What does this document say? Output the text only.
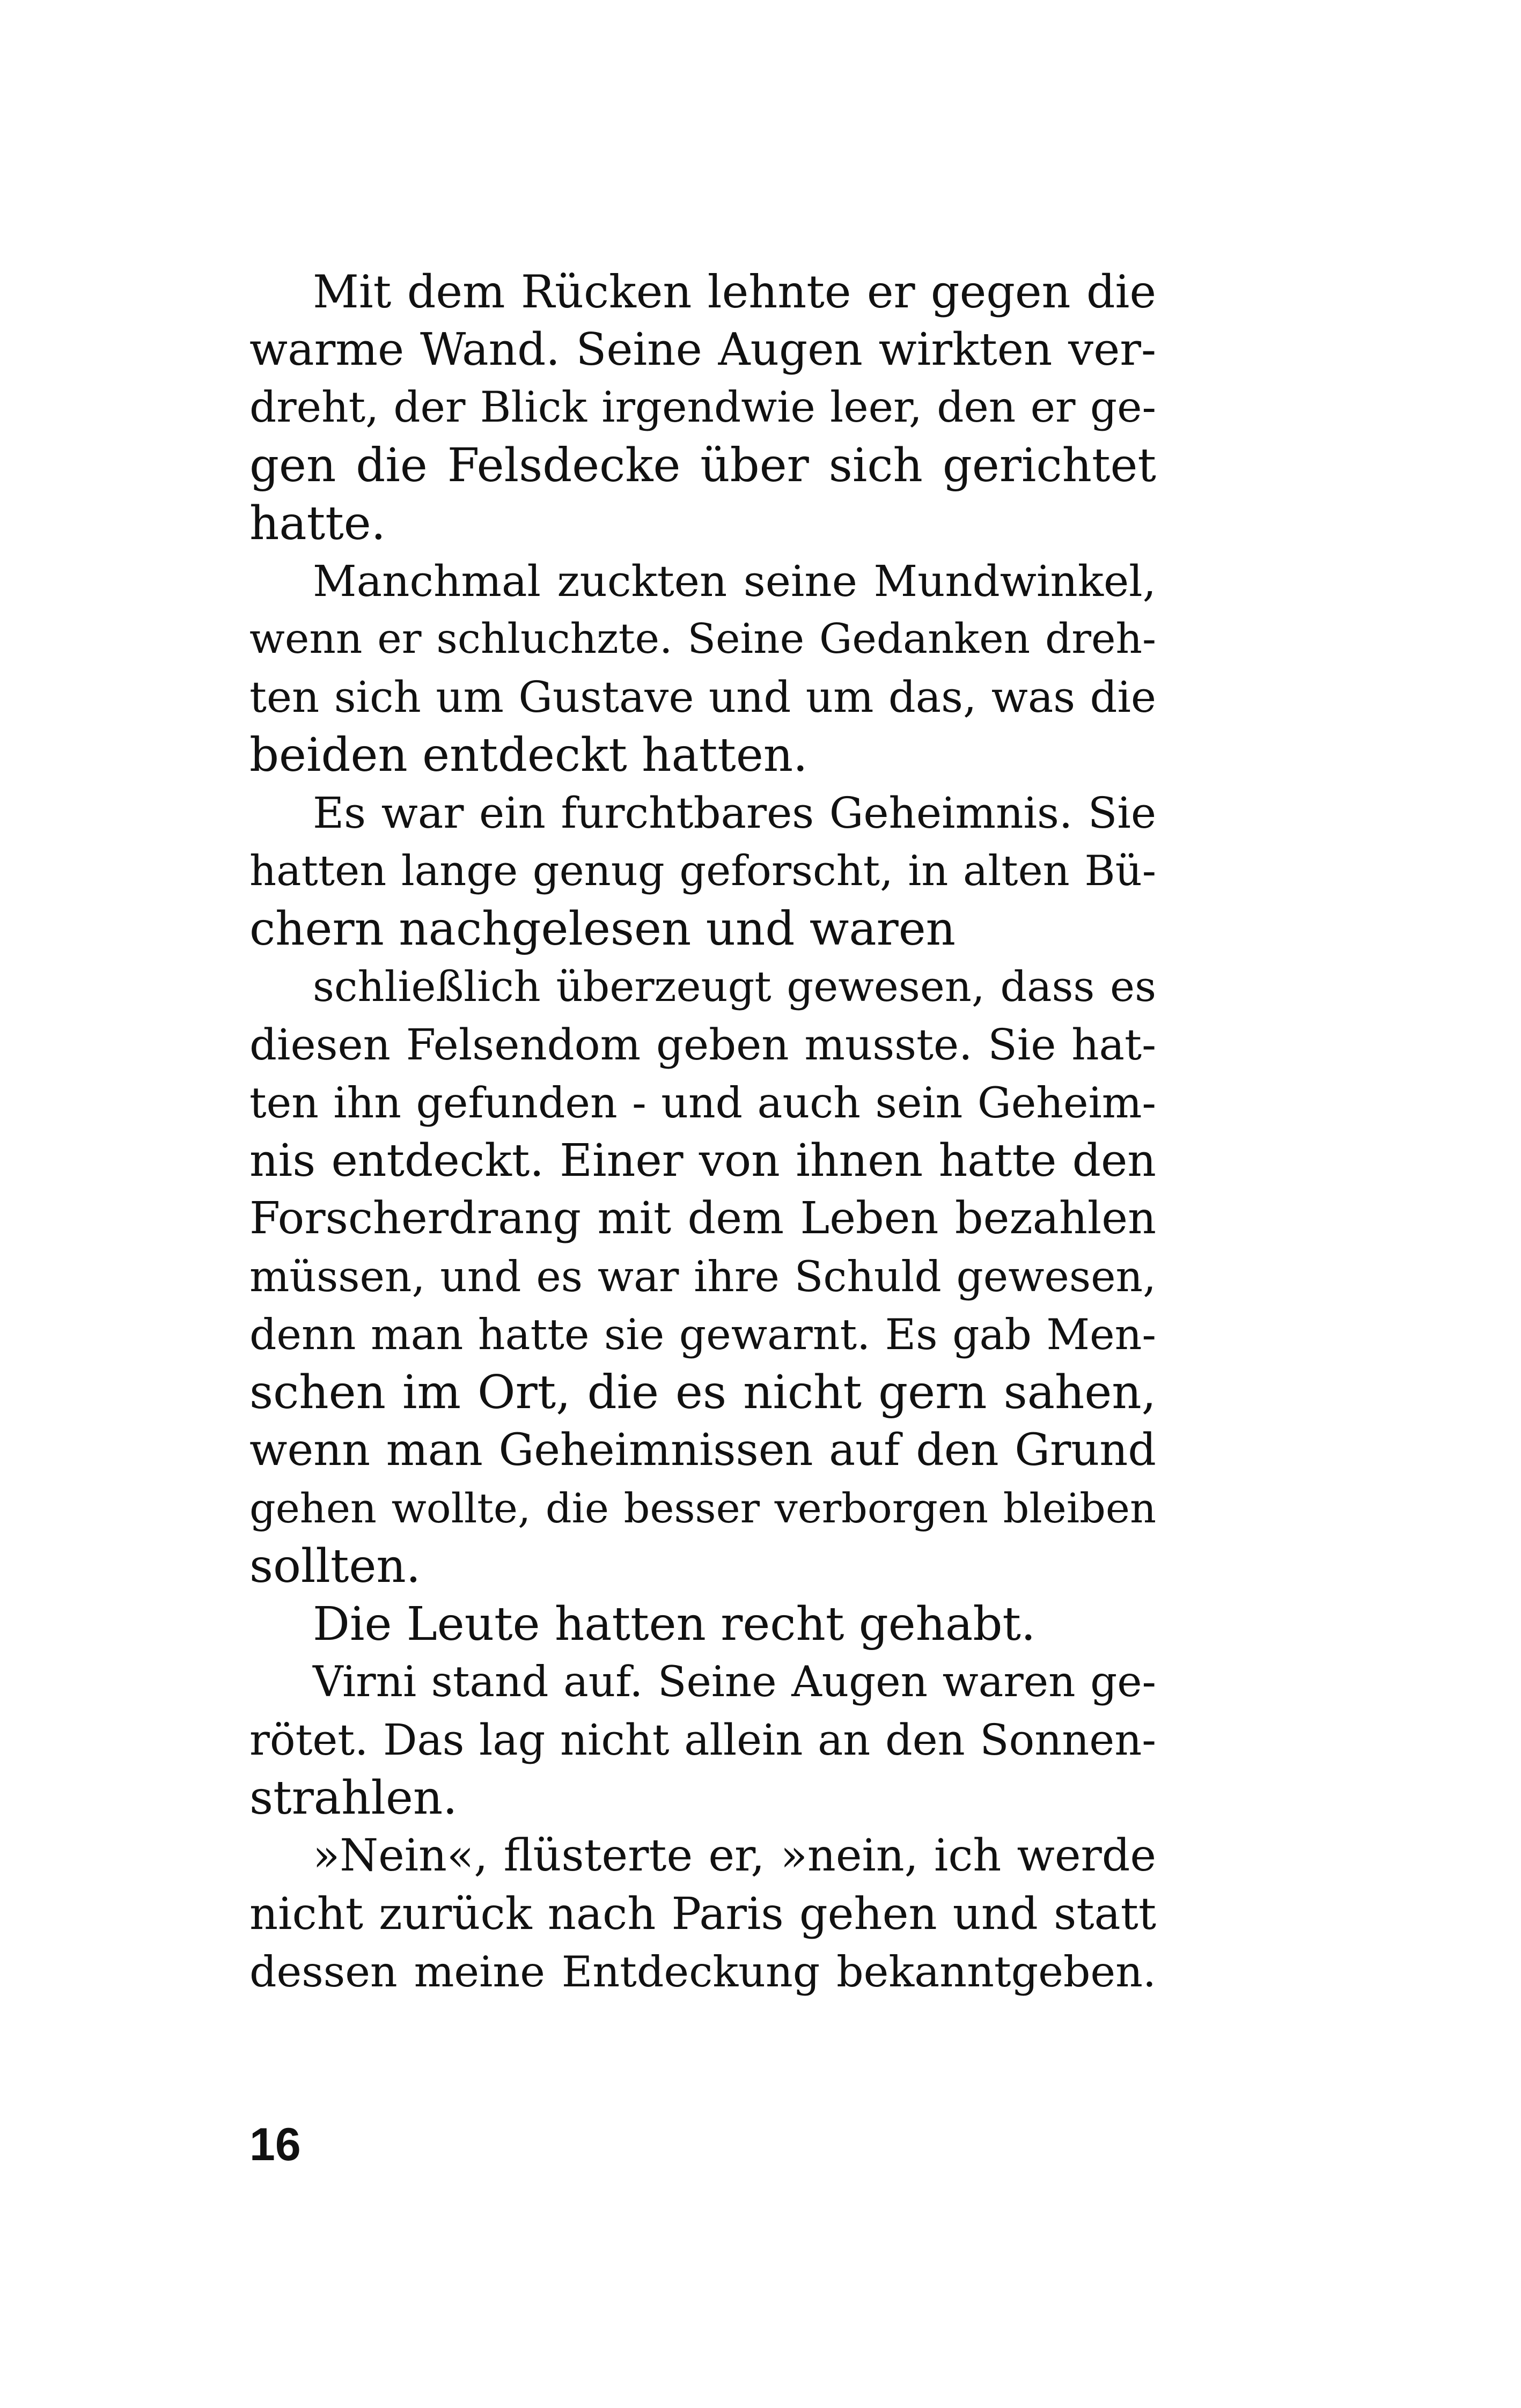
Mit dem Rücken lehnte er gegen die
warme Wand. Seine Augen wirkten ver-
dreht, der Blick irgendwie leer, den er ge-
gen die Felsdecke über sich gerichtet
hatte.
Manchmal zuckten seine Mundwinkel,
wenn er schluchzte. Seine Gedanken dreh-
ten sich um Gustave und um das, was die
beiden entdeckt hatten.
Es war ein furchtbares Geheimnis. Sie
hatten lange genug geforscht, in alten Bü-
chern nachgelesen und waren
schließlich überzeugt gewesen, dass es
diesen Felsendom geben musste. Sie hat-
ten ihn gefunden - und auch sein Geheim-
nis entdeckt. Einer von ihnen hatte den
Forscherdrang mit dem Leben bezahlen
müssen, und es war ihre Schuld gewesen,
denn man hatte sie gewarnt. Es gab Men-
schen im Ort, die es nicht gern sahen,
wenn man Geheimnissen auf den Grund
gehen wollte, die besser verborgen bleiben
sollten.
Die Leute hatten recht gehabt.
Virni stand auf. Seine Augen waren ge-
rötet. Das lag nicht allein an den Sonnen-
strahlen.
»Nein«, flüsterte er, »nein, ich werde
nicht zurück nach Paris gehen und statt
dessen meine Entdeckung bekanntgeben.
16
